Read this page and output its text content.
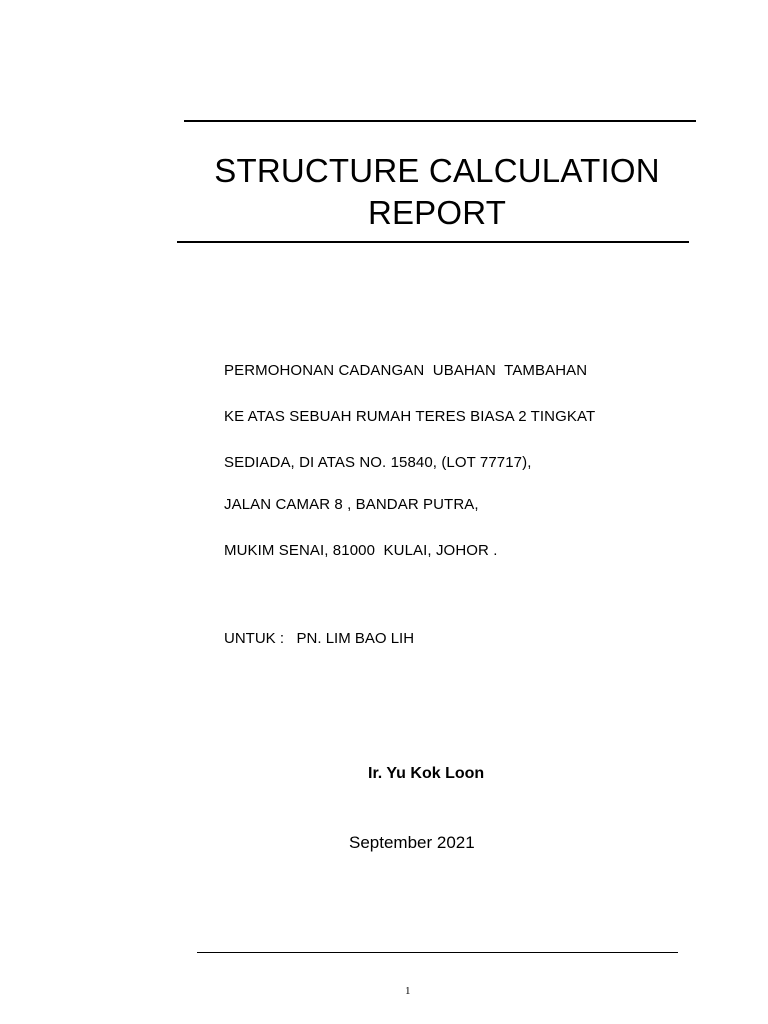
STRUCTURE CALCULATION
REPORT
PERMOHONAN CADANGAN  UBAHAN  TAMBAHAN
KE ATAS SEBUAH RUMAH TERES BIASA 2 TINGKAT
SEDIADA, DI ATAS NO. 15840, (LOT 77717),
JALAN CAMAR 8 , BANDAR PUTRA,
MUKIM SENAI, 81000  KULAI, JOHOR .
UNTUK : PN. LIM BAO LIH
Ir. Yu Kok Loon
September 2021
1
